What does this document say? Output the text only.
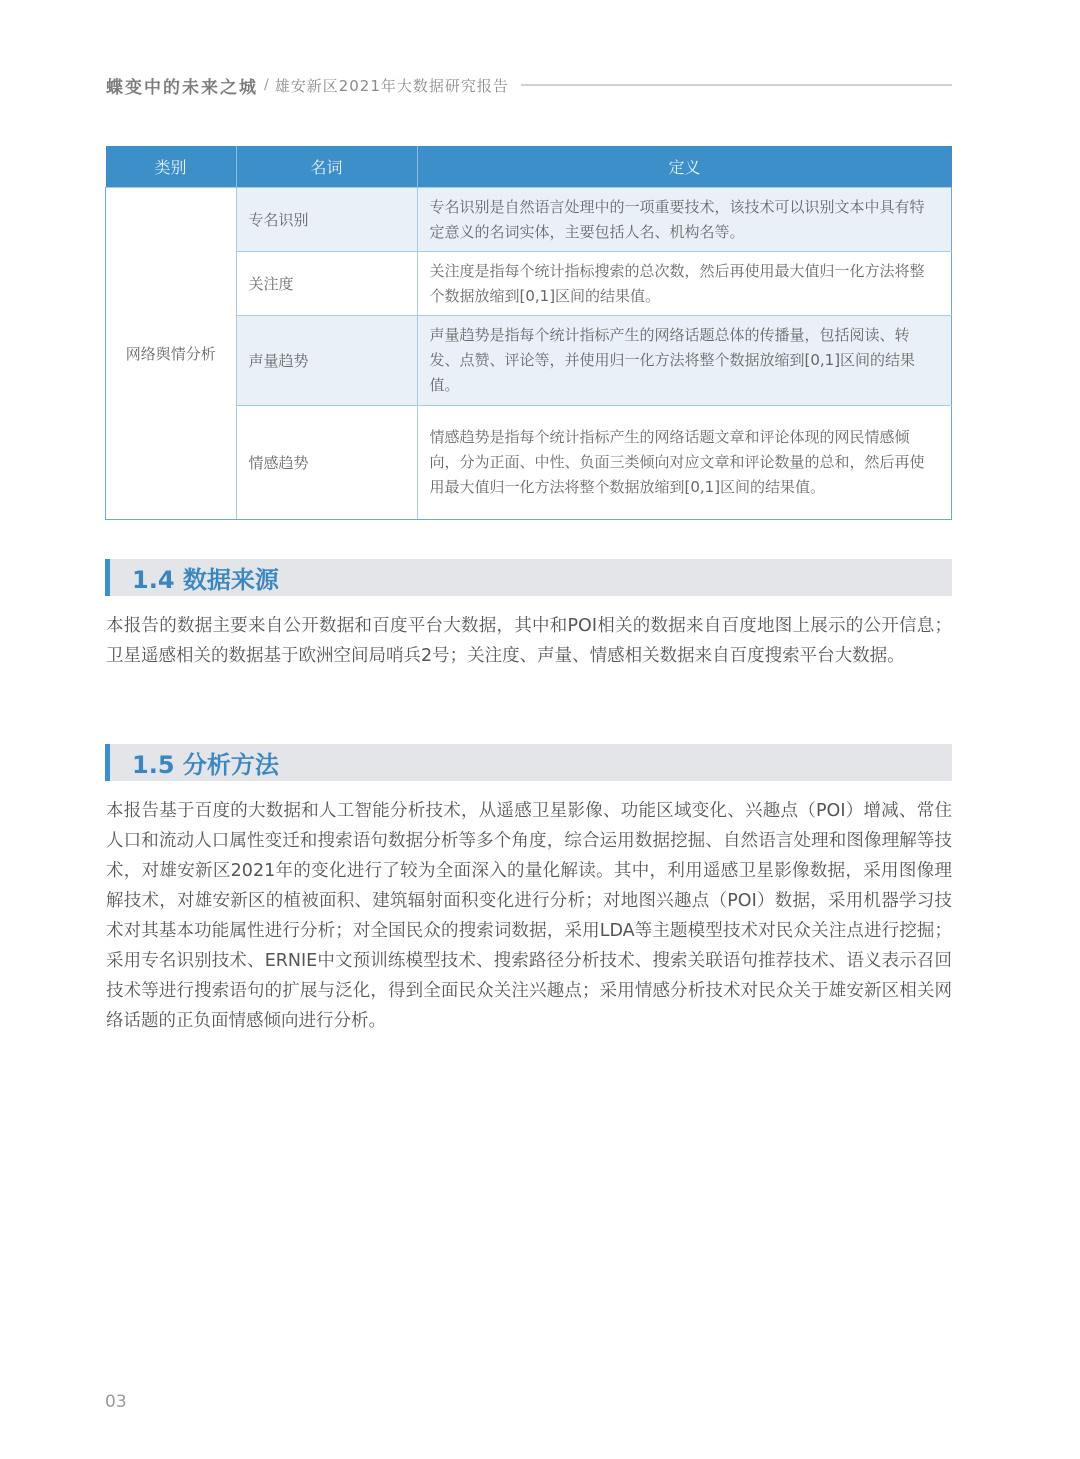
蝶变中的未来之城 / 雄安新区2021年大数据研究报告
类别	名词	定义
网络舆情分析	专名识别	专名识别是自然语言处理中的一项重要技术，该技术可以识别文本中具有特定意义的名词实体，主要包括人名、机构名等。
	关注度	关注度是指每个统计指标搜索的总次数，然后再使用最大值归一化方法将整个数据放缩到[0,1]区间的结果值。
	声量趋势	声量趋势是指每个统计指标产生的网络话题总体的传播量，包括阅读、转发、点赞、评论等，并使用归一化方法将整个数据放缩到[0,1]区间的结果值。
	情感趋势	情感趋势是指每个统计指标产生的网络话题文章和评论体现的网民情感倾向，分为正面、中性、负面三类倾向对应文章和评论数量的总和，然后再使用最大值归一化方法将整个数据放缩到[0,1]区间的结果值。
1.4 数据来源
本报告的数据主要来自公开数据和百度平台大数据，其中和POI相关的数据来自百度地图上展示的公开信息；卫星遥感相关的数据基于欧洲空间局哨兵2号；关注度、声量、情感相关数据来自百度搜索平台大数据。
1.5 分析方法
本报告基于百度的大数据和人工智能分析技术，从遥感卫星影像、功能区域变化、兴趣点（POI）增减、常住人口和流动人口属性变迁和搜索语句数据分析等多个角度，综合运用数据挖掘、自然语言处理和图像理解等技术，对雄安新区2021年的变化进行了较为全面深入的量化解读。其中，利用遥感卫星影像数据，采用图像理解技术，对雄安新区的植被面积、建筑辐射面积变化进行分析；对地图兴趣点（POI）数据，采用机器学习技术对其基本功能属性进行分析；对全国民众的搜索词数据，采用LDA等主题模型技术对民众关注点进行挖掘；采用专名识别技术、ERNIE中文预训练模型技术、搜索路径分析技术、搜索关联语句推荐技术、语义表示召回技术等进行搜索语句的扩展与泛化，得到全面民众关注兴趣点；采用情感分析技术对民众关于雄安新区相关网络话题的正负面情感倾向进行分析。
03
